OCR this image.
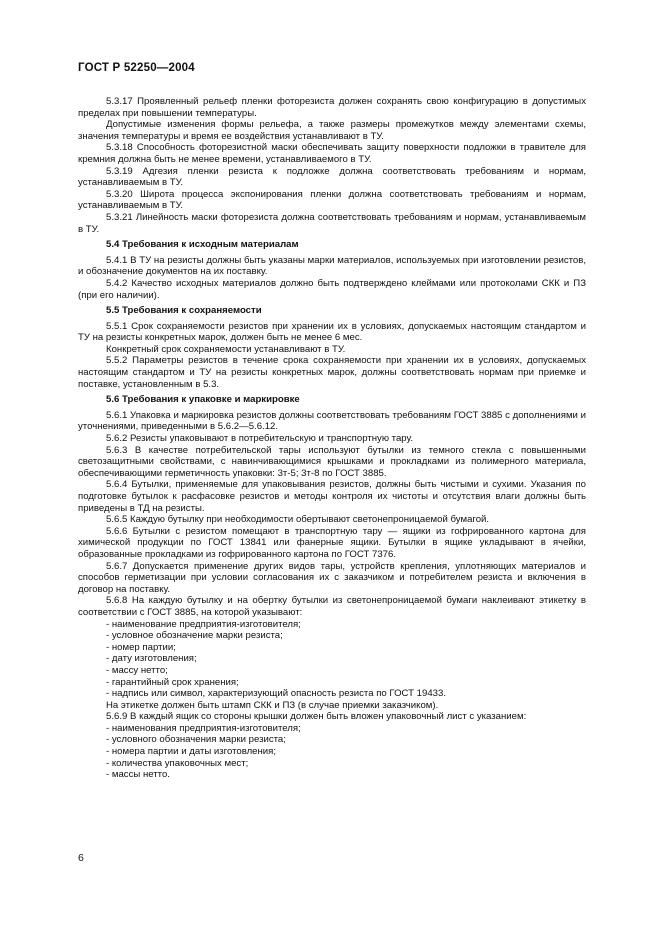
ГОСТ Р 52250—2004

5.3.17 Проявленный рельеф пленки фоторезиста должен сохранять свою конфигурацию в допустимых пределах при повышении температуры.

Допустимые изменения формы рельефа, а также размеры промежутков между элементами схемы, значения температуры и время ее воздействия устанавливают в ТУ.

5.3.18 Способность фоторезистной маски обеспечивать защиту поверхности подложки в травителе для кремния должна быть не менее времени, устанавливаемого в ТУ.

5.3.19 Адгезия пленки резиста к подложке должна соответствовать требованиям и нормам, устанавливаемым в ТУ.

5.3.20 Широта процесса экспонирования пленки должна соответствовать требованиям и нормам, устанавливаемым в ТУ.

5.3.21 Линейность маски фоторезиста должна соответствовать требованиям и нормам, устанавливаемым в ТУ.

5.4 Требования к исходным материалам

5.4.1 В ТУ на резисты должны быть указаны марки материалов, используемых при изготовлении резистов, и обозначение документов на их поставку.

5.4.2 Качество исходных материалов должно быть подтверждено клеймами или протоколами СКК и ПЗ (при его наличии).

5.5 Требования к сохраняемости

5.5.1 Срок сохраняемости резистов при хранении их в условиях, допускаемых настоящим стандартом и ТУ на резисты конкретных марок, должен быть не менее 6 мес.

Конкретный срок сохраняемости устанавливают в ТУ.

5.5.2 Параметры резистов в течение срока сохраняемости при хранении их в условиях, допускаемых настоящим стандартом и ТУ на резисты конкретных марок, должны соответствовать нормам при приемке и поставке, установленным в 5.3.

5.6 Требования к упаковке и маркировке

5.6.1 Упаковка и маркировка резистов должны соответствовать требованиям ГОСТ 3885 с дополнениями и уточнениями, приведенными в 5.6.2—5.6.12.

5.6.2 Резисты упаковывают в потребительскую и транспортную тару.

5.6.3 В качестве потребительской тары используют бутылки из темного стекла с повышенными светозащитными свойствами, с навинчивающимися крышками и прокладками из полимерного материала, обеспечивающими герметичность упаковки: 3т-5; 3т-8 по ГОСТ 3885.

5.6.4 Бутылки, применяемые для упаковывания резистов, должны быть чистыми и сухими. Указания по подготовке бутылок к расфасовке резистов и методы контроля их чистоты и отсутствия влаги должны быть приведены в ТД на резисты.

5.6.5 Каждую бутылку при необходимости обертывают светонепроницаемой бумагой.

5.6.6 Бутылки с резистом помещают в транспортную тару — ящики из гофрированного картона для химической продукции по ГОСТ 13841 или фанерные ящики. Бутылки в ящике укладывают в ячейки, образованные прокладками из гофрированного картона по ГОСТ 7376.

5.6.7 Допускается применение других видов тары, устройств крепления, уплотняющих материалов и способов герметизации при условии согласования их с заказчиком и потребителем резиста и включения в договор на поставку.

5.6.8 На каждую бутылку и на обертку бутылки из светонепроницаемой бумаги наклеивают этикетку в соответствии с ГОСТ 3885, на которой указывают:

- наименование предприятия-изготовителя;

- условное обозначение марки резиста;

- номер партии;

- дату изготовления;

- массу нетто;

- гарантийный срок хранения;

- надпись или символ, характеризующий опасность резиста по ГОСТ 19433.

На этикетке должен быть штамп СКК и ПЗ (в случае приемки заказчиком).

5.6.9 В каждый ящик со стороны крышки должен быть вложен упаковочный лист с указанием:

- наименования предприятия-изготовителя;

- условного обозначения марки резиста;

- номера партии и даты изготовления;

- количества упаковочных мест;

- массы нетто.

6
